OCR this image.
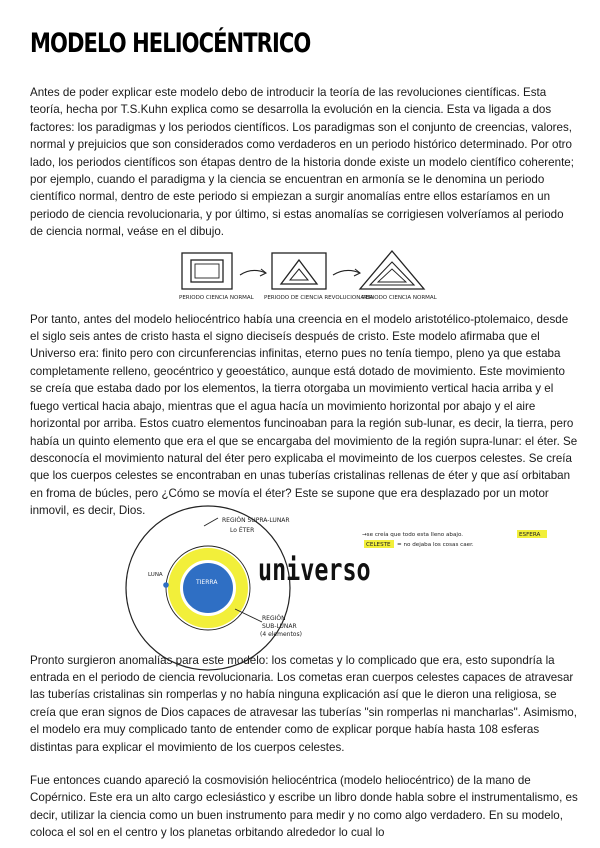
MODELO HELIOCÉNTRICO

Antes de poder explicar este modelo debo de introducir la teoría de las revoluciones científicas. Esta teoría, hecha por T.S.Kuhn explica como se desarrolla la evolución en la ciencia. Esta va ligada a dos factores: los paradigmas y los periodos científicos. Los paradigmas son el conjunto de creencias, valores, normal y prejuicios que son considerados como verdaderos en un periodo histórico determinado. Por otro lado, los periodos científicos son étapas dentro de la historia donde existe un modelo científico coherente; por ejemplo, cuando el paradigma y la ciencia se encuentran en armonía se le denomina un periodo científico normal, dentro de este periodo si empiezan a surgir anomalías entre ellos estaríamos en un periodo de ciencia revolucionaria, y por último, si estas anomalías se corrigiesen volveríamos al periodo de ciencia normal, veáse en el dibujo.

PERIODO CIENCIA NORMAL PERIODO DE CIENCIA REVOLUCIONARIA
PERIODO CIENCIA NORMAL

Por tanto, antes del modelo heliocéntrico había una creencia en el modelo aristotélico-ptolemaico, desde el siglo seis antes de cristo hasta el signo dieciseís después de cristo. Este modelo afirmaba que el Universo era: finito pero con circunferencias infinitas, eterno pues no tenía tiempo, pleno ya que estaba completamente relleno, geocéntrico y geoestático, aunque está dotado de movimiento. Este movimiento se creía que estaba dado por los elementos, la tierra otorgaba un movimiento vertical hacia arriba y el fuego vertical hacia abajo, mientras que el agua hacía un movimiento horizontal por abajo y el aire horizontal por arriba. Estos cuatro elementos funcinoaban para la región sub-lunar, es decir, la tierra, pero había un quinto elemento que era el que se encargaba del movimiento de la región supra-lunar: el éter. Se desconocía el movimiento natural del éter pero explicaba el movimeinto de los cuerpos celestes. Se creía que los cuerpos celestes se encontraban en unas tuberías cristalinas rellenas de éter y que así orbitaban en froma de búcles, pero ¿Cómo se movía el éter? Este se supone que era desplazado por un motor inmovil, es decir, Dios.

TIERRA
LUNA
REGIÓN SUPRA-LUNAR
Lo ÉTER
REGIÓN
SUB-LUNAR
(4 elementos)
universo
→se creía que todo esta lleno abajo.	ESFERA
CELESTE = no dejaba los cosas caer.

Pronto surgieron anomalías para este modelo: los cometas y lo complicado que era, esto supondría la entrada en el periodo de ciencia revolucionaria. Los cometas eran cuerpos celestes capaces de atravesar las tuberías cristalinas sin romperlas y no había ninguna explicación así que le dieron una religiosa, se creía que eran signos de Dios capaces de atravesar las tuberías "sin romperlas ni mancharlas". Asimismo, el modelo era muy complicado tanto de entender como de explicar porque había hasta 108 esferas distintas para explicar el movimiento de los cuerpos celestes.

Fue entonces cuando apareció la cosmovisión heliocéntrica (modelo heliocéntrico) de la mano de Copérnico. Este era un alto cargo eclesiástico y escribe un libro donde habla sobre el instrumentalismo, es decir, utilizar la ciencia como un buen instrumento para medir y no como algo verdadero. En su modelo, coloca el sol en el centro y los planetas orbitando alrededor lo cual lo
